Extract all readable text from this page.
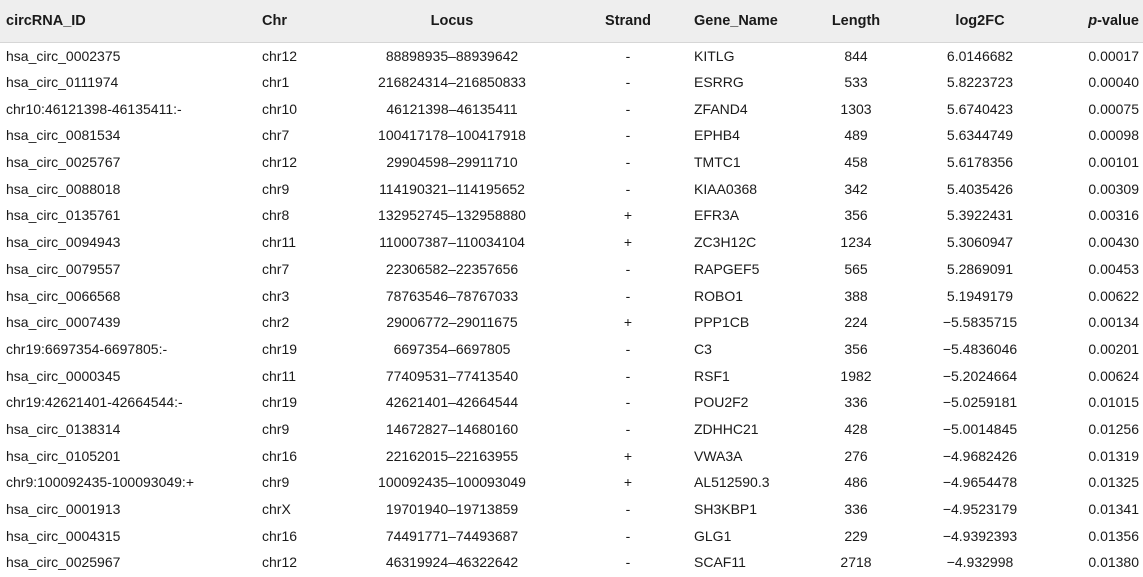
circRNA_ID	Chr	Locus	Strand	Gene_Name	Length	log2FC	p-value
hsa_circ_0002375	chr12	88898935–88939642	-	KITLG	844	6.0146682	0.00017
hsa_circ_0111974	chr1	216824314–216850833	-	ESRRG	533	5.8223723	0.00040
chr10:46121398-46135411:-	chr10	46121398–46135411	-	ZFAND4	1303	5.6740423	0.00075
hsa_circ_0081534	chr7	100417178–100417918	-	EPHB4	489	5.6344749	0.00098
hsa_circ_0025767	chr12	29904598–29911710	-	TMTC1	458	5.6178356	0.00101
hsa_circ_0088018	chr9	114190321–114195652	-	KIAA0368	342	5.4035426	0.00309
hsa_circ_0135761	chr8	132952745–132958880	+	EFR3A	356	5.3922431	0.00316
hsa_circ_0094943	chr11	110007387–110034104	+	ZC3H12C	1234	5.3060947	0.00430
hsa_circ_0079557	chr7	22306582–22357656	-	RAPGEF5	565	5.2869091	0.00453
hsa_circ_0066568	chr3	78763546–78767033	-	ROBO1	388	5.1949179	0.00622
hsa_circ_0007439	chr2	29006772–29011675	+	PPP1CB	224	−5.5835715	0.00134
chr19:6697354-6697805:-	chr19	6697354–6697805	-	C3	356	−5.4836046	0.00201
hsa_circ_0000345	chr11	77409531–77413540	-	RSF1	1982	−5.2024664	0.00624
chr19:42621401-42664544:-	chr19	42621401–42664544	-	POU2F2	336	−5.0259181	0.01015
hsa_circ_0138314	chr9	14672827–14680160	-	ZDHHC21	428	−5.0014845	0.01256
hsa_circ_0105201	chr16	22162015–22163955	+	VWA3A	276	−4.9682426	0.01319
chr9:100092435-100093049:+	chr9	100092435–100093049	+	AL512590.3	486	−4.9654478	0.01325
hsa_circ_0001913	chrX	19701940–19713859	-	SH3KBP1	336	−4.9523179	0.01341
hsa_circ_0004315	chr16	74491771–74493687	-	GLG1	229	−4.9392393	0.01356
hsa_circ_0025967	chr12	46319924–46322642	-	SCAF11	2718	−4.932998	0.01380
